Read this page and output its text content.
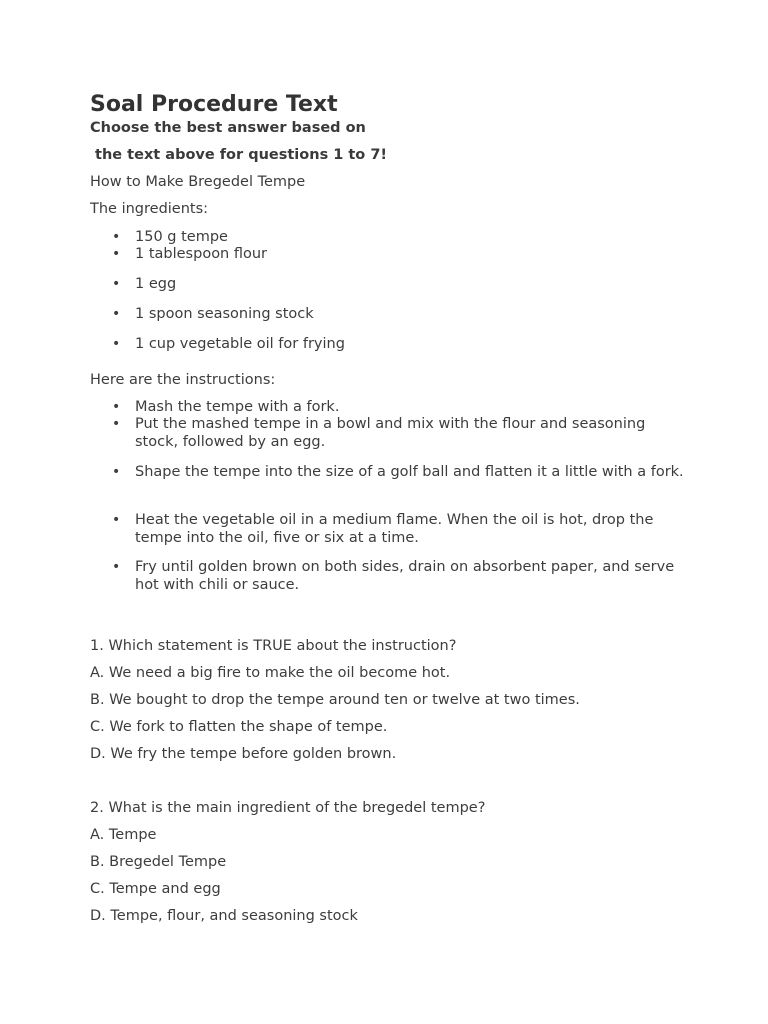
Soal Procedure Text
Choose the best answer based on
the text above for questions 1 to 7!
How to Make Bregedel Tempe
The ingredients:
• 150 g tempe
• 1 tablespoon flour
• 1 egg
• 1 spoon seasoning stock
• 1 cup vegetable oil for frying
Here are the instructions:
• Mash the tempe with a fork.
• Put the mashed tempe in a bowl and mix with the flour and seasoning stock, followed by an egg.
• Shape the tempe into the size of a golf ball and flatten it a little with a fork.
• Heat the vegetable oil in a medium flame. When the oil is hot, drop the tempe into the oil, five or six at a time.
• Fry until golden brown on both sides, drain on absorbent paper, and serve hot with chili or sauce.
1. Which statement is TRUE about the instruction?
A. We need a big fire to make the oil become hot.
B. We bought to drop the tempe around ten or twelve at two times.
C. We fork to flatten the shape of tempe.
D. We fry the tempe before golden brown.
2. What is the main ingredient of the bregedel tempe?
A. Tempe
B. Bregedel Tempe
C. Tempe and egg
D. Tempe, flour, and seasoning stock
